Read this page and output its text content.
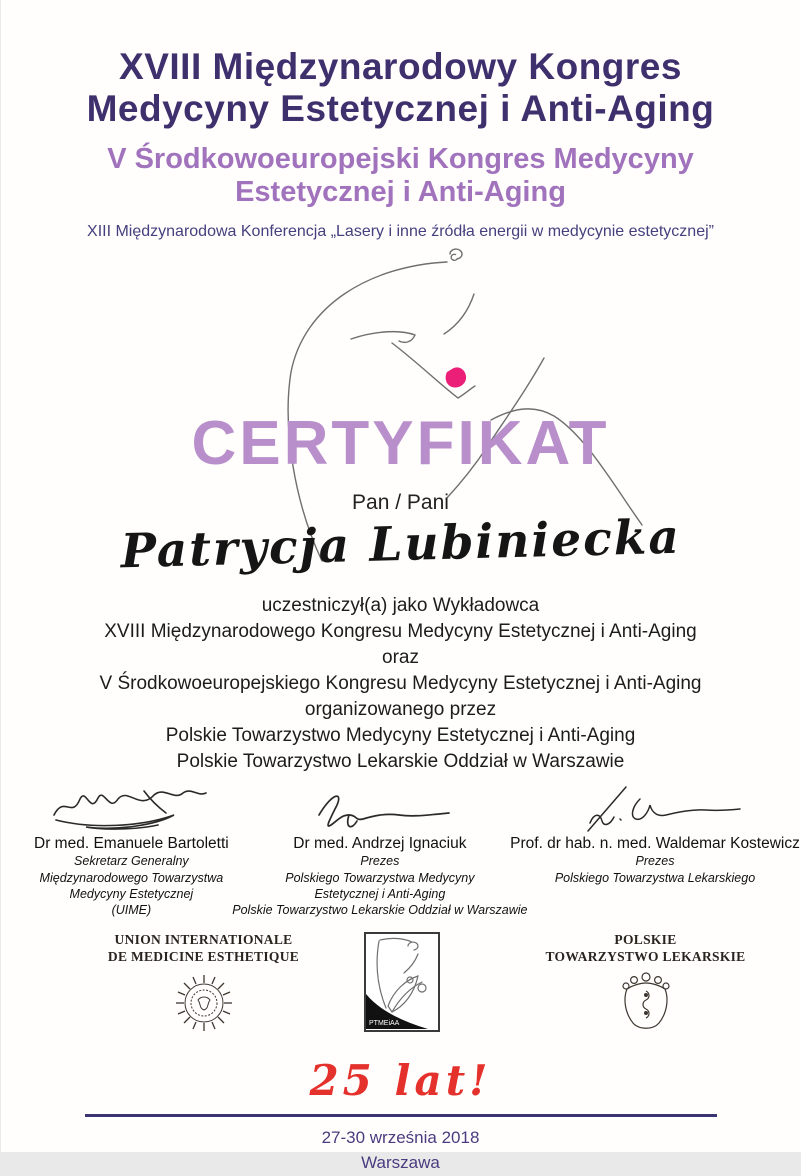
XVIII Międzynarodowy Kongres
Medycyny Estetycznej i Anti-Aging
V Środkowoeuropejski Kongres Medycyny
Estetycznej i Anti-Aging
XIII Międzynarodowa Konferencja „Lasery i inne źródła energii w medycynie estetycznej”
CERTYFIKAT
Pan / Pani
Patrycja Lubiniecka
uczestniczył(a) jako Wykładowca
XVIII Międzynarodowego Kongresu Medycyny Estetycznej i Anti-Aging
oraz
V Środkowoeuropejskiego Kongresu Medycyny Estetycznej i Anti-Aging
organizowanego przez
Polskie Towarzystwo Medycyny Estetycznej i Anti-Aging
Polskie Towarzystwo Lekarskie Oddział w Warszawie
Dr med. Emanuele Bartoletti
Sekretarz Generalny
Międzynarodowego Towarzystwa
Medycyny Estetycznej
(UIME)
Dr med. Andrzej Ignaciuk
Prezes
Polskiego Towarzystwa Medycyny
Estetycznej i Anti-Aging
Polskie Towarzystwo Lekarskie Oddział w Warszawie
Prof. dr hab. n. med. Waldemar Kostewicz
Prezes
Polskiego Towarzystwa Lekarskiego
UNION INTERNATIONALE
DE MEDICINE ESTHETIQUE
PTMEiAA
POLSKIE
TOWARZYSTWO LEKARSKIE
25 lat!
27-30 września 2018
Warszawa
